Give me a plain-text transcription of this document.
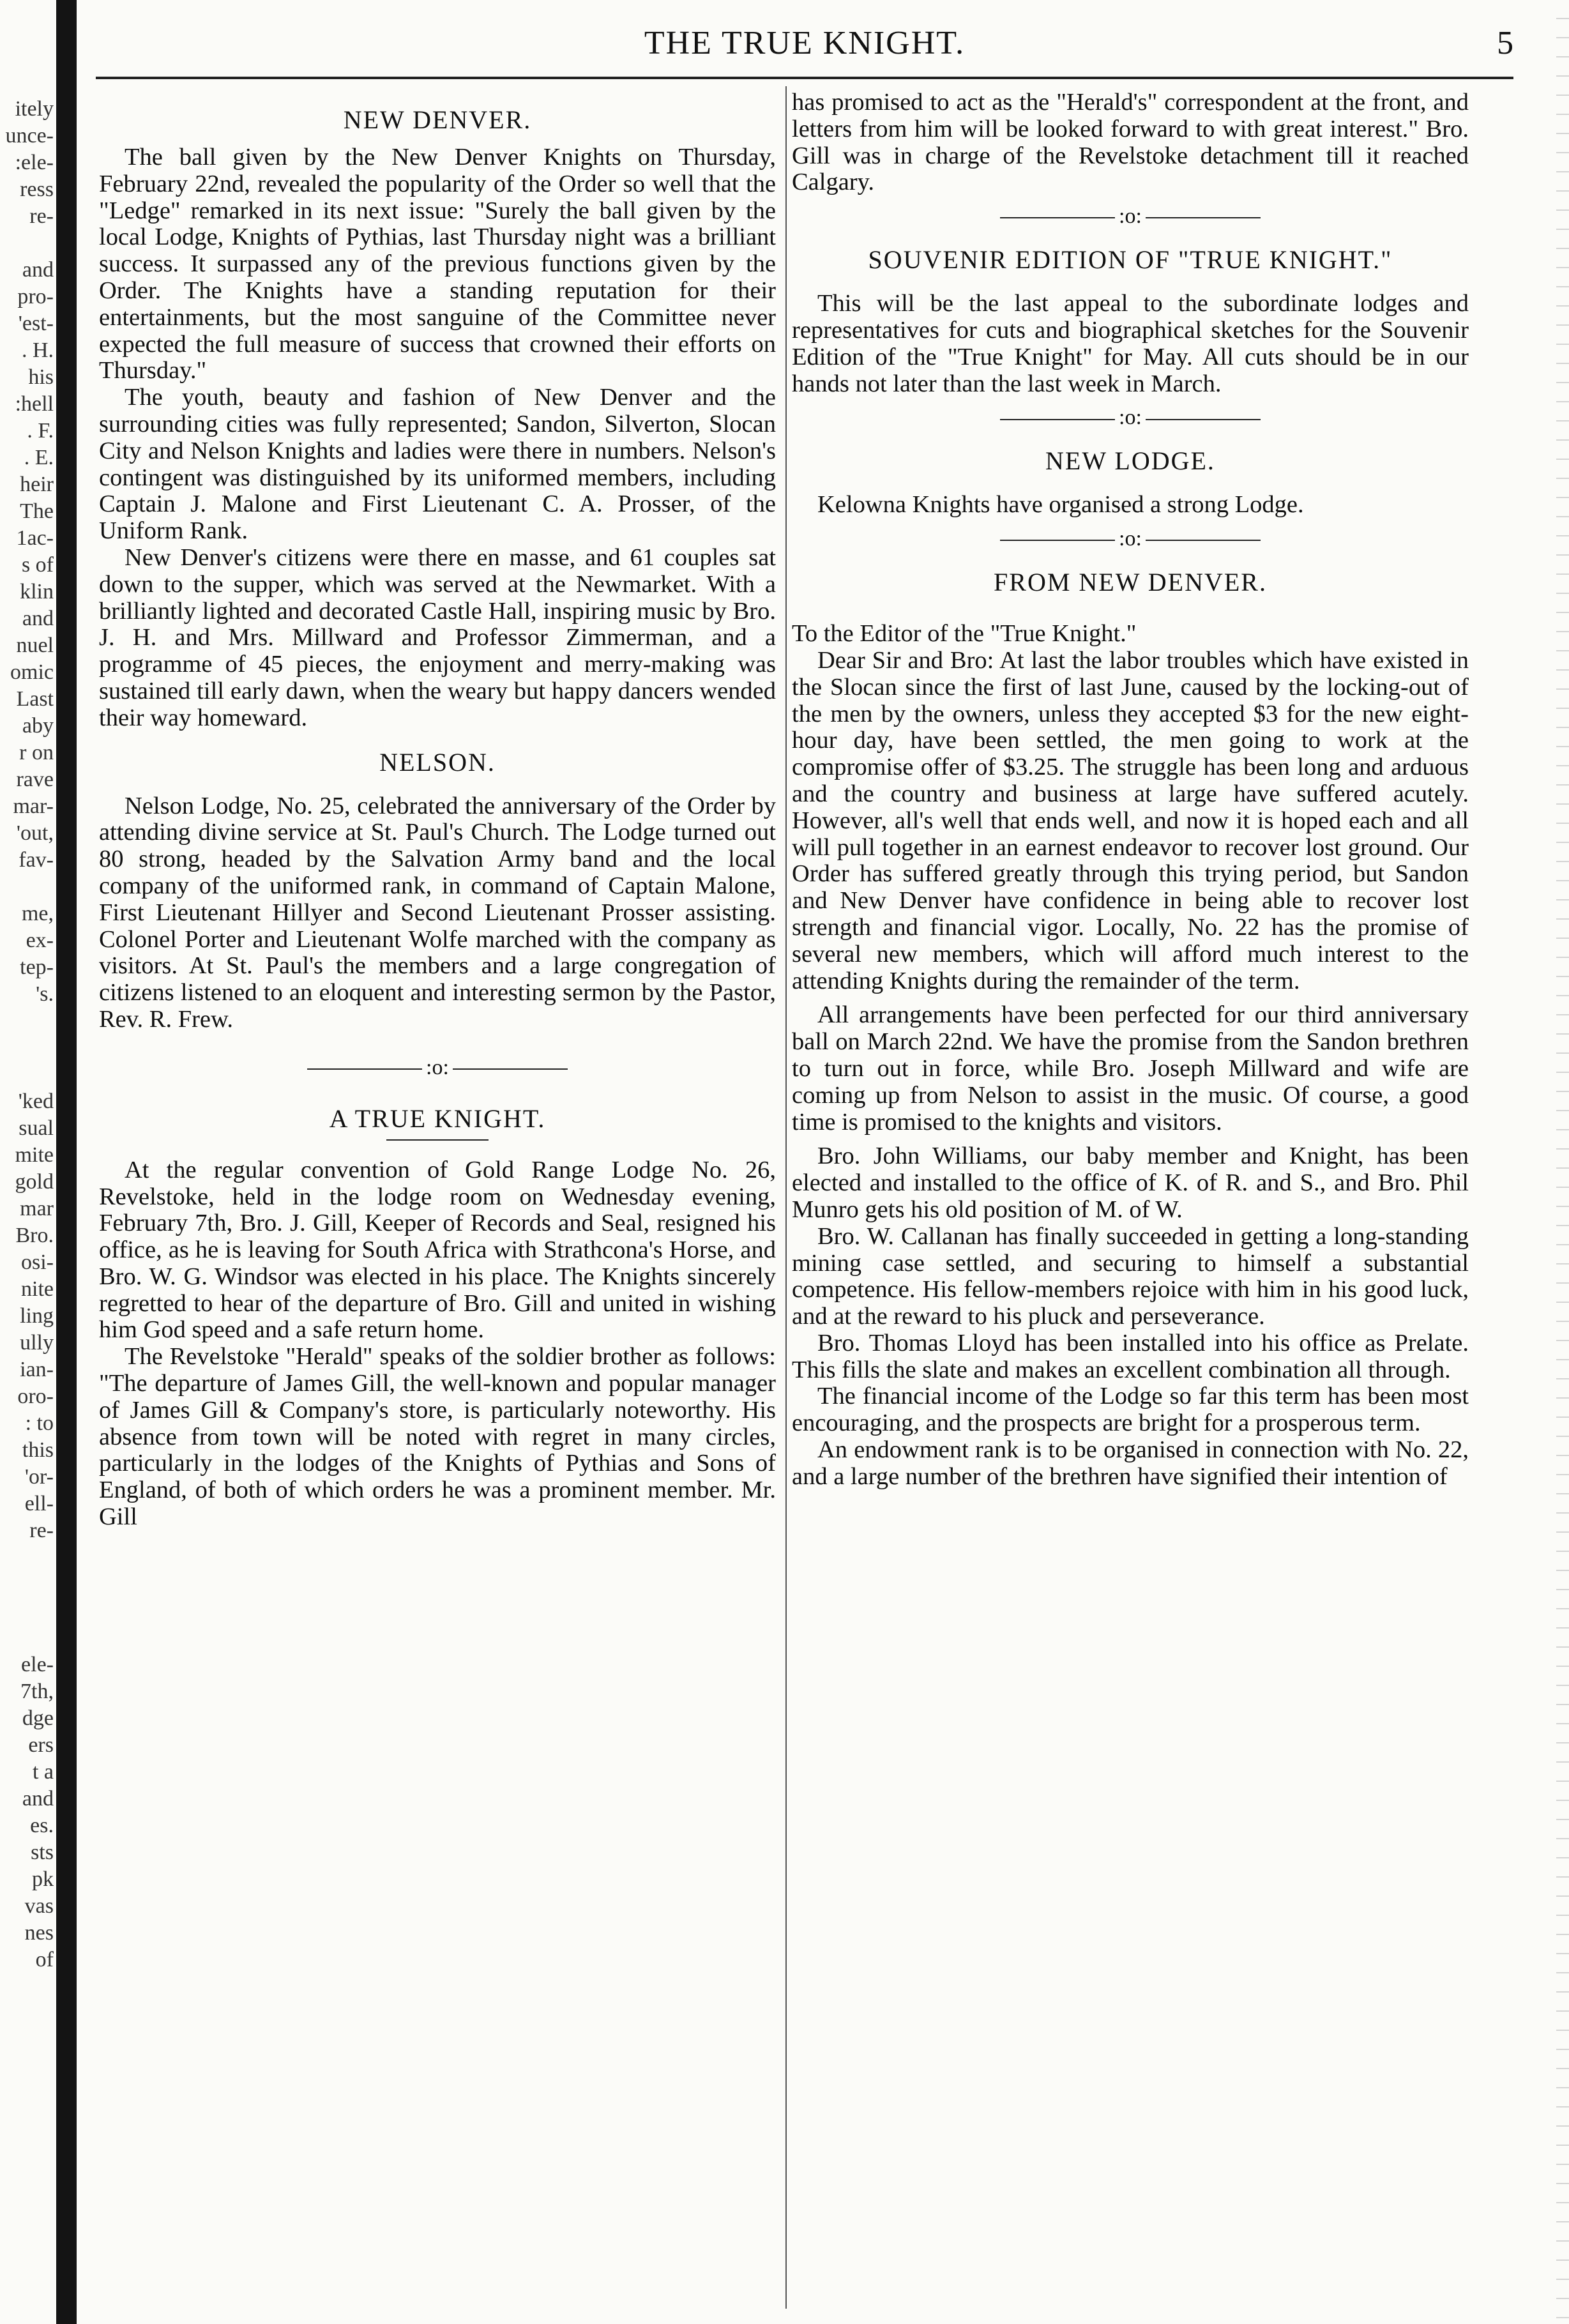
itely
unce-
:ele-
ress
re-
and
pro-
'est-
. H.
his
:hell
. F.
. E.
heir
The
1ac-
s of
klin
and
nuel
omic
Last
aby
r on
rave
mar-
'out,
fav-
me,
ex-
tep-
's.
'ked
sual
mite
gold
mar
Bro.
osi-
nite
ling
ully
ian-
oro-
: to
this
'or-
ell-
re-
ele-
7th,
dge
ers
t a
and
es.
sts
pk
vas
nes
of
THE TRUE KNIGHT.	5
NEW DENVER.

The ball given by the New Denver Knights on Thursday, February 22nd, revealed the popularity of the Order so well that the "Ledge" remarked in its next issue: "Surely the ball given by the local Lodge, Knights of Pythias, last Thursday night was a brilliant success. It surpassed any of the previous functions given by the Order. The Knights have a standing reputation for their entertainments, but the most sanguine of the Committee never expected the full measure of success that crowned their efforts on Thursday."

The youth, beauty and fashion of New Denver and the surrounding cities was fully represented; Sandon, Silverton, Slocan City and Nelson Knights and ladies were there in numbers. Nelson's contingent was distinguished by its uniformed members, including Captain J. Malone and First Lieutenant C. A. Prosser, of the Uniform Rank.

New Denver's citizens were there en masse, and 61 couples sat down to the supper, which was served at the Newmarket. With a brilliantly lighted and decorated Castle Hall, inspiring music by Bro. J. H. and Mrs. Millward and Professor Zimmerman, and a programme of 45 pieces, the enjoyment and merry-making was sustained till early dawn, when the weary but happy dancers wended their way homeward.

NELSON.

Nelson Lodge, No. 25, celebrated the anniversary of the Order by attending divine service at St. Paul's Church. The Lodge turned out 80 strong, headed by the Salvation Army band and the local company of the uniformed rank, in command of Captain Malone, First Lieutenant Hillyer and Second Lieutenant Prosser assisting. Colonel Porter and Lieutenant Wolfe marched with the company as visitors. At St. Paul's the members and a large congregation of citizens listened to an eloquent and interesting sermon by the Pastor, Rev. R. Frew.

:o:
A TRUE KNIGHT.

At the regular convention of Gold Range Lodge No. 26, Revelstoke, held in the lodge room on Wednesday evening, February 7th, Bro. J. Gill, Keeper of Records and Seal, resigned his office, as he is leaving for South Africa with Strathcona's Horse, and Bro. W. G. Windsor was elected in his place. The Knights sincerely regretted to hear of the departure of Bro. Gill and united in wishing him God speed and a safe return home.

The Revelstoke "Herald" speaks of the soldier brother as follows: "The departure of James Gill, the well-known and popular manager of James Gill & Company's store, is particularly noteworthy. His absence from town will be noted with regret in many circles, particularly in the lodges of the Knights of Pythias and Sons of England, of both of which orders he was a prominent member. Mr. Gill

has promised to act as the "Herald's" correspondent at the front, and letters from him will be looked forward to with great interest." Bro. Gill was in charge of the Revelstoke detachment till it reached Calgary.

:o:
SOUVENIR EDITION OF "TRUE KNIGHT."

This will be the last appeal to the subordinate lodges and representatives for cuts and biographical sketches for the Souvenir Edition of the "True Knight" for May. All cuts should be in our hands not later than the last week in March.

:o:
NEW LODGE.

Kelowna Knights have organised a strong Lodge.

:o:
FROM NEW DENVER.

To the Editor of the "True Knight."

Dear Sir and Bro: At last the labor troubles which have existed in the Slocan since the first of last June, caused by the locking-out of the men by the owners, unless they accepted $3 for the new eight-hour day, have been settled, the men going to work at the compromise offer of $3.25. The struggle has been long and arduous and the country and business at large have suffered acutely. However, all's well that ends well, and now it is hoped each and all will pull together in an earnest endeavor to recover lost ground. Our Order has suffered greatly through this trying period, but Sandon and New Denver have confidence in being able to recover lost strength and financial vigor. Locally, No. 22 has the promise of several new members, which will afford much interest to the attending Knights during the remainder of the term.

All arrangements have been perfected for our third anniversary ball on March 22nd. We have the promise from the Sandon brethren to turn out in force, while Bro. Joseph Millward and wife are coming up from Nelson to assist in the music. Of course, a good time is promised to the knights and visitors.

Bro. John Williams, our baby member and Knight, has been elected and installed to the office of K. of R. and S., and Bro. Phil Munro gets his old position of M. of W.

Bro. W. Callanan has finally succeeded in getting a long-standing mining case settled, and securing to himself a substantial competence. His fellow-members rejoice with him in his good luck, and at the reward to his pluck and perseverance.

Bro. Thomas Lloyd has been installed into his office as Prelate. This fills the slate and makes an excellent combination all through.

The financial income of the Lodge so far this term has been most encouraging, and the prospects are bright for a prosperous term.

An endowment rank is to be organised in connection with No. 22, and a large number of the brethren have signified their intention of
